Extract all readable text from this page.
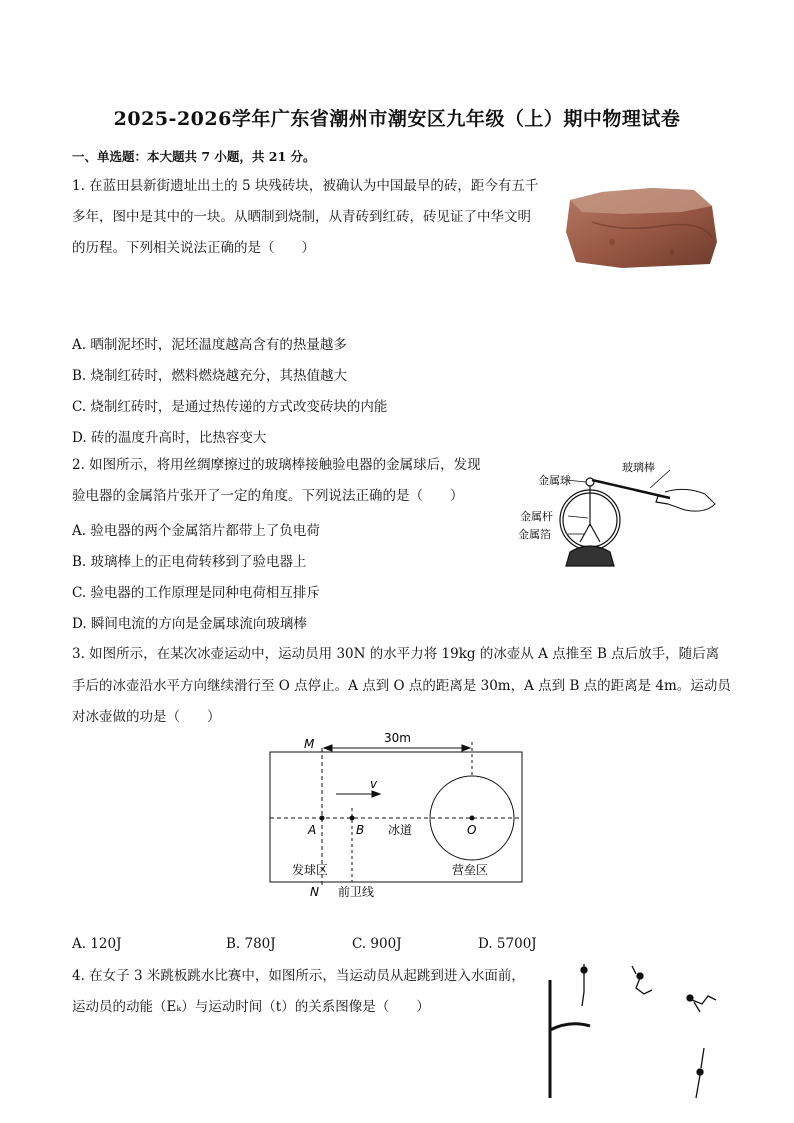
2025-2026学年广东省潮州市潮安区九年级（上）期中物理试卷
一、单选题：本大题共 7 小题，共 21 分。
1. 在蓝田县新街遗址出土的 5 块残砖块，被确认为中国最早的砖，距今有五千
多年，图中是其中的一块。从晒制到烧制，从青砖到红砖，砖见证了中华文明
的历程。下列相关说法正确的是（　　）
A. 晒制泥坯时，泥坯温度越高含有的热量越多
B. 烧制红砖时，燃料燃烧越充分，其热值越大
C. 烧制红砖时，是通过热传递的方式改变砖块的内能
D. 砖的温度升高时，比热容变大
2. 如图所示，将用丝绸摩擦过的玻璃棒接触验电器的金属球后，发现
验电器的金属箔片张开了一定的角度。下列说法正确的是（　　）
A. 验电器的两个金属箔片都带上了负电荷
B. 玻璃棒上的正电荷转移到了验电器上
C. 验电器的工作原理是同种电荷相互排斥
D. 瞬间电流的方向是金属球流向玻璃棒
金属球
玻璃棒
金属杆
金属箔
3. 如图所示，在某次冰壶运动中，运动员用 30N 的水平力将 19kg 的冰壶从 A 点推至 B 点后放手，随后离
手后的冰壶沿水平方向继续滑行至 O 点停止。A 点到 O 点的距离是 30m，A 点到 B 点的距离是 4m。运动员
对冰壶做的功是（　　）
M
N
30m
v
A	B	O
冰道
发球区	营垒区
前卫线
A. 120J	B. 780J	C. 900J	D. 5700J
4. 在女子 3 米跳板跳水比赛中，如图所示，当运动员从起跳到进入水面前，
运动员的动能（Eₖ）与运动时间（t）的关系图像是（　　）
